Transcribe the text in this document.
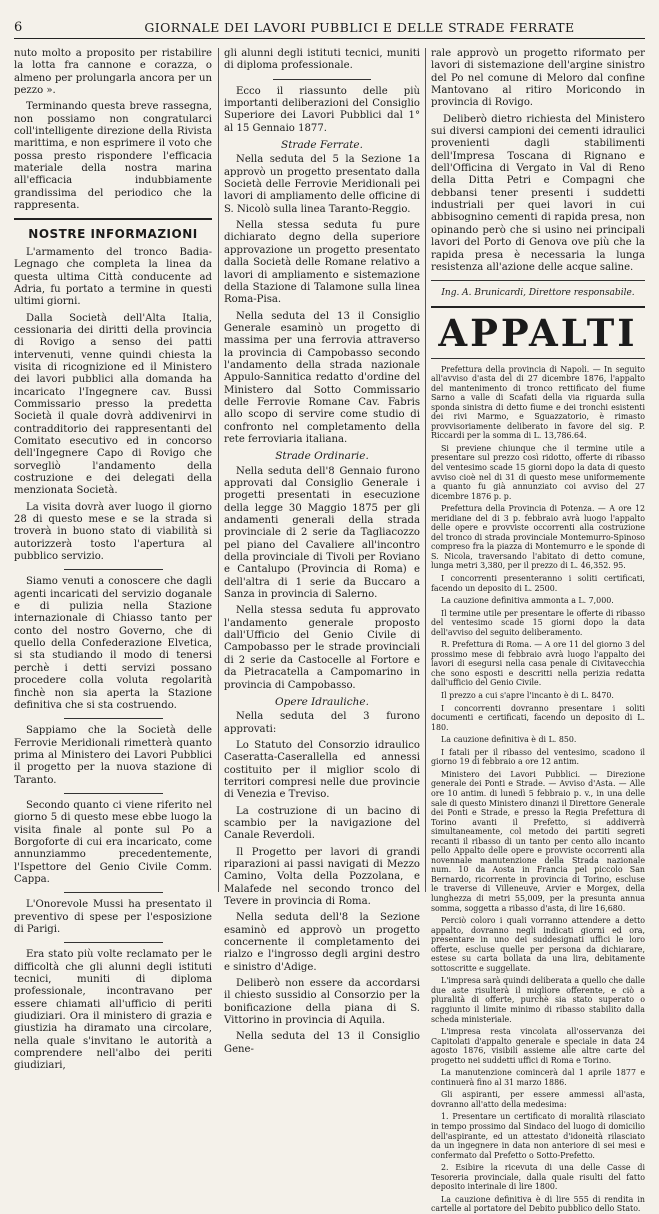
6	GIORNALE DEI LAVORI PUBBLICI E DELLE STRADE FERRATE

nuto molto a proposito per ristabilire la lotta fra cannone e corazza, o almeno per prolungarla ancora per un pezzo ».

Terminando questa breve rassegna, non possiamo non congratularci coll'intelligente direzione della Rivista marittima, e non esprimere il voto che possa presto rispondere l'efficacia materiale della nostra marina all'efficacia indubbiamente grandissima del periodico che la rappresenta.

NOSTRE INFORMAZIONI

L'armamento del tronco Badia-Legnago che completa la linea da questa ultima Città conducente ad Adria, fu portato a termine in questi ultimi giorni.

Dalla Società dell'Alta Italia, cessionaria dei diritti della provincia di Rovigo a senso dei patti intervenuti, venne quindi chiesta la visita di ricognizione ed il Ministero dei lavori pubblici alla domanda ha incaricato l'Ingegnere cav. Bussi Commissario presso la predetta Società il quale dovrà addivenirvi in contradditorio dei rappresentanti del Comitato esecutivo ed in concorso dell'Ingegnere Capo di Rovigo che sorvegliò l'andamento della costruzione e dei delegati della menzionata Società.

La visita dovrà aver luogo il giorno 28 di questo mese e se la strada si troverà in buono stato di viabilità si autorizzerà tosto l'apertura al pubblico servizio.

Siamo venuti a conoscere che dagli agenti incaricati del servizio doganale e di pulizia nella Stazione internazionale di Chiasso tanto per conto del nostro Governo, che di quello della Confederazione Elvetica, si sta studiando il modo di tenersi perchè i detti servizi possano procedere colla voluta regolarità finchè non sia aperta la Stazione definitiva che si sta costruendo.

Sappiamo che la Società delle Ferrovie Meridionali rimetterà quanto prima al Ministero dei Lavori Pubblici il progetto per la nuova stazione di Taranto.

Secondo quanto ci viene riferito nel giorno 5 di questo mese ebbe luogo la visita finale al ponte sul Po a Borgoforte di cui era incaricato, come annunziammo precedentemente, l'Ispettore del Genio Civile Comm. Cappa.

L'Onorevole Mussi ha presentato il preventivo di spese per l'esposizione di Parigi.

Era stato più volte reclamato per le difficoltà che gli alunni degli istituti tecnici, muniti di diploma professionale, incontravano per essere chiamati all'ufficio di periti giudiziari. Ora il ministero di grazia e giustizia ha diramato una circolare, nella quale s'invitano le autorità a comprendere nell'albo dei periti giudiziari,

gli alunni degli istituti tecnici, muniti di diploma professionale.

Ecco il riassunto delle più importanti deliberazioni del Consiglio Superiore dei Lavori Pubblici dal 1° al 15 Gennaio 1877.

Strade Ferrate.

Nella seduta del 5 la Sezione 1a approvò un progetto presentato dalla Società delle Ferrovie Meridionali pei lavori di ampliamento delle officine di S. Nicolò sulla linea Taranto-Reggio.

Nella stessa seduta fu pure dichiarato degno della superiore approvazione un progetto presentato dalla Società delle Romane relativo a lavori di ampliamento e sistemazione della Stazione di Talamone sulla linea Roma-Pisa.

Nella seduta del 13 il Consiglio Generale esaminò un progetto di massima per una ferrovia attraverso la provincia di Campobasso secondo l'andamento della strada nazionale Appulo-Sannitica redatto d'ordine del Ministero dal Sotto Commissario delle Ferrovie Romane Cav. Fabris allo scopo di servire come studio di confronto nel completamento della rete ferroviaria italiana.

Strade Ordinarie.

Nella seduta dell'8 Gennaio furono approvati dal Consiglio Generale i progetti presentati in esecuzione della legge 30 Maggio 1875 per gli andamenti generali della strada provinciale di 2 serie da Tagliacozzo pel piano del Cavaliere all'incontro della provinciale di Tivoli per Roviano e Cantalupo (Provincia di Roma) e dell'altra di 1 serie da Buccaro a Sanza in provincia di Salerno.

Nella stessa seduta fu approvato l'andamento generale proposto dall'Ufficio del Genio Civile di Campobasso per le strade provinciali di 2 serie da Castocelle al Fortore e da Pietracatella a Campomarino in provincia di Campobasso.

Opere Idrauliche.

Nella seduta del 3 furono approvati:

Lo Statuto del Consorzio idraulico Caseratta-Caserallella ed annessi costituito per il miglior scolo di territori compresi nelle due provincie di Venezia e Treviso.

La costruzione di un bacino di scambio per la navigazione del Canale Reverdoli.

Il Progetto per lavori di grandi riparazioni ai passi navigati di Mezzo Camino, Volta della Pozzolana, e Malafede nel secondo tronco del Tevere in provincia di Roma.

Nella seduta dell'8 la Sezione esaminò ed approvò un progetto concernente il completamento dei rialzo e l'ingrosso degli argini destro e sinistro d'Adige.

Deliberò non essere da accordarsi il chiesto sussidio al Consorzio per la bonificazione della piana di S. Vittorino in provincia di Aquila.

Nella seduta del 13 il Consiglio Gene-

rale approvò un progetto riformato per lavori di sistemazione dell'argine sinistro del Po nel comune di Meloro dal confine Mantovano al ritiro Moricondo in provincia di Rovigo.

Deliberò dietro richiesta del Ministero sui diversi campioni dei cementi idraulici provenienti dagli stabilimenti dell'Impresa Toscana di Rignano e dell'Officina di Vergato in Val di Reno della Ditta Petri e Compagni che debbansi tener presenti i suddetti industriali per quei lavori in cui abbisognino cementi di rapida presa, non opinando però che si usino nei principali lavori del Porto di Genova ove più che la rapida presa è necessaria la lunga resistenza all'azione delle acque saline.

Ing. A. Brunicardi, Direttore responsabile.
APPALTI

Prefettura della provincia di Napoli. — In seguito all'avviso d'asta del di 27 dicembre 1876, l'appalto del mantenimento di tronco rettificato del fiume Sarno a valle di Scafati della via riguarda sulla sponda sinistra di detto fiume e dei tronchi esistenti dei rivi Marmo, e Sguazzatorio, è rimasto provvisoriamente deliberato in favore del sig. P. Riccardi per la somma di L. 13,786.64.

Si previene chiunque che il termine utile a presentare sul prezzo così ridotto, offerte di ribasso del ventesimo scade 15 giorni dopo la data di questo avviso cioè nel di 31 di questo mese uniformemente a quanto fu già annunziato coi avviso del 27 dicembre 1876 p. p.

Prefettura della Provincia di Potenza. — A ore 12 meridiane del di 3 p. febbraio avrà luogo l'appalto delle opere e provviste occorrenti alla costruzione del tronco di strada provinciale Montemurro-Spinoso compreso fra la piazza di Montemurro e le sponde di S. Nicola, traversando l'abitato di detto comune, lunga metri 3,380, per il prezzo di L. 46,352. 95.

I concorrenti presenteranno i soliti certificati, facendo un deposito di L. 2500.

La cauzione definitiva ammonta a L. 7,000.

Il termine utile per presentare le offerte di ribasso del ventesimo scade 15 giorni dopo la data dell'avviso del seguito deliberamento.

R. Prefettura di Roma. — A ore 11 del giorno 3 del prossimo mese di febbraio avrà luogo l'appalto dei lavori di esegursi nella casa penale di Civitavecchia che sono esposti e descritti nella perizia redatta dall'ufficio del Genio Civile.

Il prezzo a cui s'apre l'incanto è di L. 8470.

I concorrenti dovranno presentare i soliti documenti e certificati, facendo un deposito di L. 180.

La cauzione definitiva è di L. 850.

I fatali per il ribasso del ventesimo, scadono il giorno 19 di febbraio a ore 12 antim.

Ministero dei Lavori Pubblici. — Direzione generale dei Ponti e Strade. — Avviso d'Asta. — Alle ore 10 antim. di lunedì 5 febbraio p. v., in una delle sale di questo Ministero dinanzi il Direttore Generale dei Ponti e Strade, e presso la Regia Prefettura di Torino avanti il Prefetto, si addiverrà simultaneamente, col metodo dei partiti segreti recanti il ribasso di un tanto per cento allo incanto pello Appalto delle opere e provviste occorrenti alla novennale manutenzione della Strada nazionale num. 10 da Aosta in Francia pel piccolo San Bernardo, ricorrente in provincia di Torino, escluse le traverse di Villeneuve, Arvier e Morgex, della lunghezza di metri 55,009, per la presunta annua somma, soggetta a ribasso d'asta, di lire 16,680.

Perciò coloro i quali vorranno attendere a detto appalto, dovranno negli indicati giorni ed ora, presentare in uno dei suddesignati uffici le loro offerte, escluse quelle per persona da dichiarare, estese su carta bollata da una lira, debitamente sottoscritte e suggellate.

L'impresa sarà quindi deliberata a quello che dalle due aste risulterà il migliore offerente, e ciò a pluralità di offerte, purchè sia stato superato o raggiunto il limite minimo di ribasso stabilito dalla scheda ministeriale.

L'impresa resta vincolata all'osservanza dei Capitolati d'appalto generale e speciale in data 24 agosto 1876, visibili assieme alle altre carte del progetto nei suddetti uffici di Roma e Torino.

La manutenzione comincerà dal 1 aprile 1877 e continuerà fino al 31 marzo 1886.

Gli aspiranti, per essere ammessi all'asta, dovranno all'atto della medesima:

1. Presentare un certificato di moralità rilasciato in tempo prossimo dal Sindaco del luogo di domicilio dell'aspirante, ed un attestato d'idoneità rilasciato da un ingegnere in data non anteriore di sei mesi e confermato dal Prefetto o Sotto-Prefetto.

2. Esibire la ricevuta di una delle Casse di Tesoreria provinciale, dalla quale risulti del fatto deposito interinale di lire 1800.

La cauzione definitiva è di lire 555 di rendita in cartelle al portatore del Debito pubblico dello Stato.
